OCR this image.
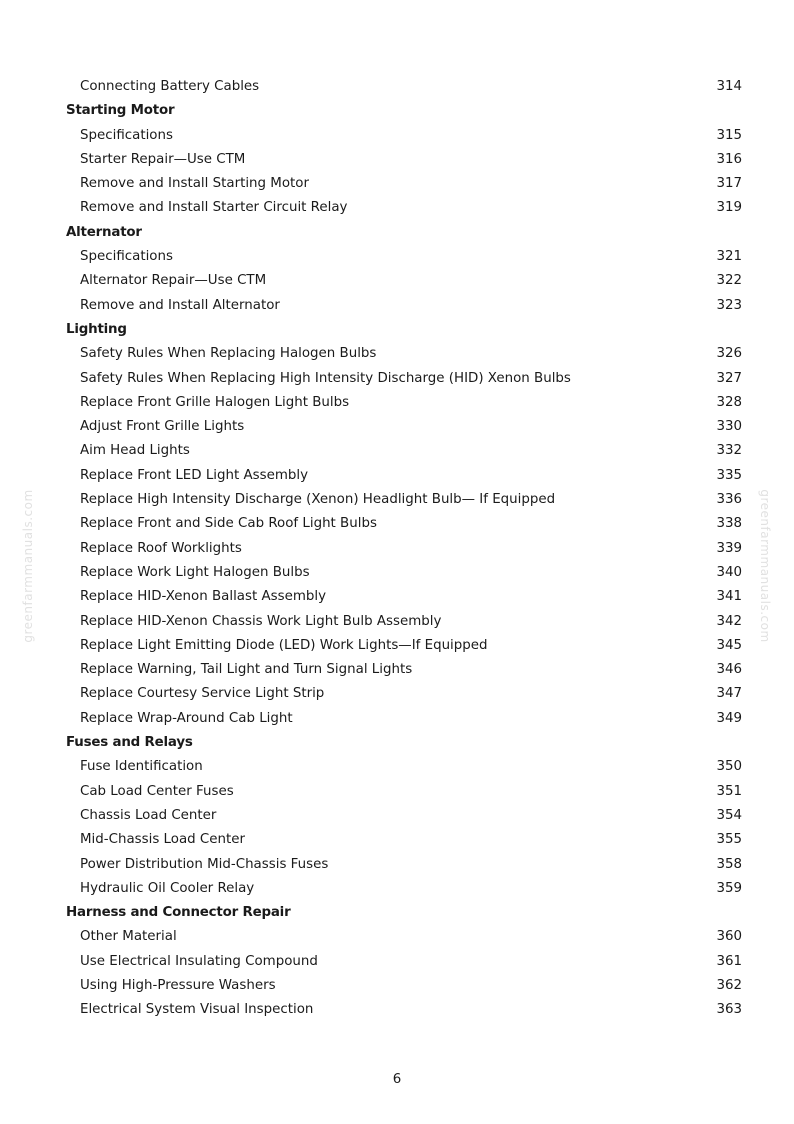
greenfarmmanuals.com	greenfarmmanuals.com
Connecting Battery Cables	314
Starting Motor
Specifications	315
Starter Repair—Use CTM	316
Remove and Install Starting Motor	317
Remove and Install Starter Circuit Relay	319
Alternator
Specifications	321
Alternator Repair—Use CTM	322
Remove and Install Alternator	323
Lighting
Safety Rules When Replacing Halogen Bulbs	326
Safety Rules When Replacing High Intensity Discharge (HID) Xenon Bulbs	327
Replace Front Grille Halogen Light Bulbs	328
Adjust Front Grille Lights	330
Aim Head Lights	332
Replace Front LED Light Assembly	335
Replace High Intensity Discharge (Xenon) Headlight Bulb— If Equipped	336
Replace Front and Side Cab Roof Light Bulbs	338
Replace Roof Worklights	339
Replace Work Light Halogen Bulbs	340
Replace HID-Xenon Ballast Assembly	341
Replace HID-Xenon Chassis Work Light Bulb Assembly	342
Replace Light Emitting Diode (LED) Work Lights—If Equipped	345
Replace Warning, Tail Light and Turn Signal Lights	346
Replace Courtesy Service Light Strip	347
Replace Wrap-Around Cab Light	349
Fuses and Relays
Fuse Identification	350
Cab Load Center Fuses	351
Chassis Load Center	354
Mid-Chassis Load Center	355
Power Distribution Mid-Chassis Fuses	358
Hydraulic Oil Cooler Relay	359
Harness and Connector Repair
Other Material	360
Use Electrical Insulating Compound	361
Using High-Pressure Washers	362
Electrical System Visual Inspection	363
6
